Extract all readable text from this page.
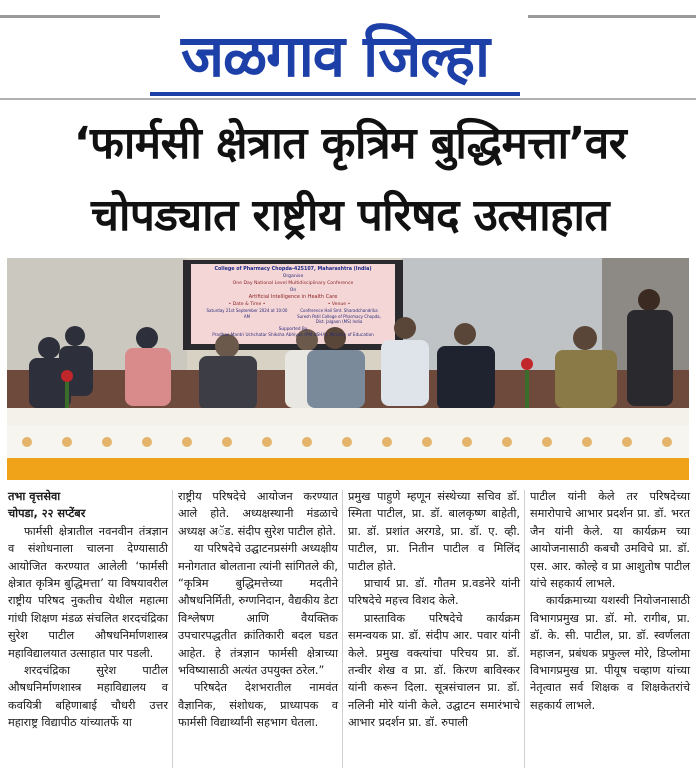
जळगाव जिल्हा
‘फार्मसी क्षेत्रात कृत्रिम बुद्धिमत्ता’वर
चोपड्यात राष्ट्रीय परिषद उत्साहात
College of Pharmacy Chopda-425107, Maharashtra (India)
Organise
One Day National Level Multidisciplinary Conference
On
Artificial Intelligence in Health Care
• Date & Time •
Saturday 21st September 2024 at 10:00 AM
• Venue •
Conference Hall Smt. Sharadchandrika Suresh Patil College of Pharmacy Chopda, Dist. Jalgaon (MS) India
Supported By
Pradhan Mantri Uchchatar Shiksha Abhiyan (PM-USHA), Ministry of Education

तभा वृत्तसेवा

चोपडा, २२ सप्टेंबर

फार्मसी क्षेत्रातील नवनवीन तंत्रज्ञान व संशोधनाला चालना देण्यासाठी आयोजित करण्यात आलेली ‘फार्मसी क्षेत्रात कृत्रिम बुद्धिमत्ता’ या विषयावरील राष्ट्रीय परिषद नुकतीच येथील महात्मा गांधी शिक्षण मंडळ संचलित शरदचंद्रिका सुरेश पाटील औषधनिर्माणशास्त्र महाविद्यालयात उत्साहात पार पडली.

शरदचंद्रिका सुरेश पाटील औषधनिर्माणशास्त्र महाविद्यालय व कवयित्री बहिणाबाई चौधरी उत्तर महाराष्ट्र विद्यापीठ यांच्यातर्फे या

राष्ट्रीय परिषदेचे आयोजन करण्यात आले होते. अध्यक्षस्थानी मंडळाचे अध्यक्ष अॅड. संदीप सुरेश पाटील होते.

या परिषदेचे उद्घाटनप्रसंगी अध्यक्षीय मनोगतात बोलताना त्यांनी सांगितले की, “कृत्रिम बुद्धिमत्तेच्या मदतीने औषधनिर्मिती, रुग्णनिदान, वैद्यकीय डेटा विश्लेषण आणि वैयक्तिक उपचारपद्धतीत क्रांतिकारी बदल घडत आहेत. हे तंत्रज्ञान फार्मसी क्षेत्राच्या भविष्यासाठी अत्यंत उपयुक्त ठरेल.”

परिषदेत देशभरातील नामवंत वैज्ञानिक, संशोधक, प्राध्यापक व फार्मसी विद्यार्थ्यांनी सहभाग घेतला.

प्रमुख पाहुणे म्हणून संस्थेच्या सचिव डॉ. स्मिता पाटील, प्रा. डॉ. बालकृष्ण बाहेती, प्रा. डॉ. प्रशांत अरगडे, प्रा. डॉ. ए. व्ही. पाटील, प्रा. नितीन पाटील व मिलिंद पाटील होते.

प्राचार्य प्रा. डॉ. गौतम प्र.वडनेरे यांनी परिषदेचे महत्त्व विशद केले.

प्रास्ताविक परिषदेचे कार्यक्रम समन्वयक प्रा. डॉ. संदीप आर. पवार यांनी केले. प्रमुख वक्त्यांचा परिचय प्रा. डॉ. तन्वीर शेख व प्रा. डॉ. किरण बाविस्कर यांनी करून दिला. सूत्रसंचालन प्रा. डॉ. नलिनी मोरे यांनी केले. उद्घाटन समारंभाचे आभार प्रदर्शन प्रा. डॉ. रुपाली

पाटील यांनी केले तर परिषदेच्या समारोपाचे आभार प्रदर्शन प्रा. डॉ. भरत जैन यांनी केले. या कार्यक्रम च्या आयोजनासाठी कबचौ उमविचे प्रा. डॉ. एस. आर. कोल्हे व प्रा आशुतोष पाटील यांचे सहकार्य लाभले.

कार्यक्रमाच्या यशस्वी नियोजनासाठी विभागप्रमुख प्रा. डॉ. मो. रागीब, प्रा. डॉ. के. सी. पाटील, प्रा. डॉ. स्वर्णलता महाजन, प्रबंधक प्रफुल्ल मोरे, डिप्लोमा विभागप्रमुख प्रा. पीयूष चव्हाण यांच्या नेतृत्वात सर्व शिक्षक व शिक्षकेतरांचे सहकार्य लाभले.
